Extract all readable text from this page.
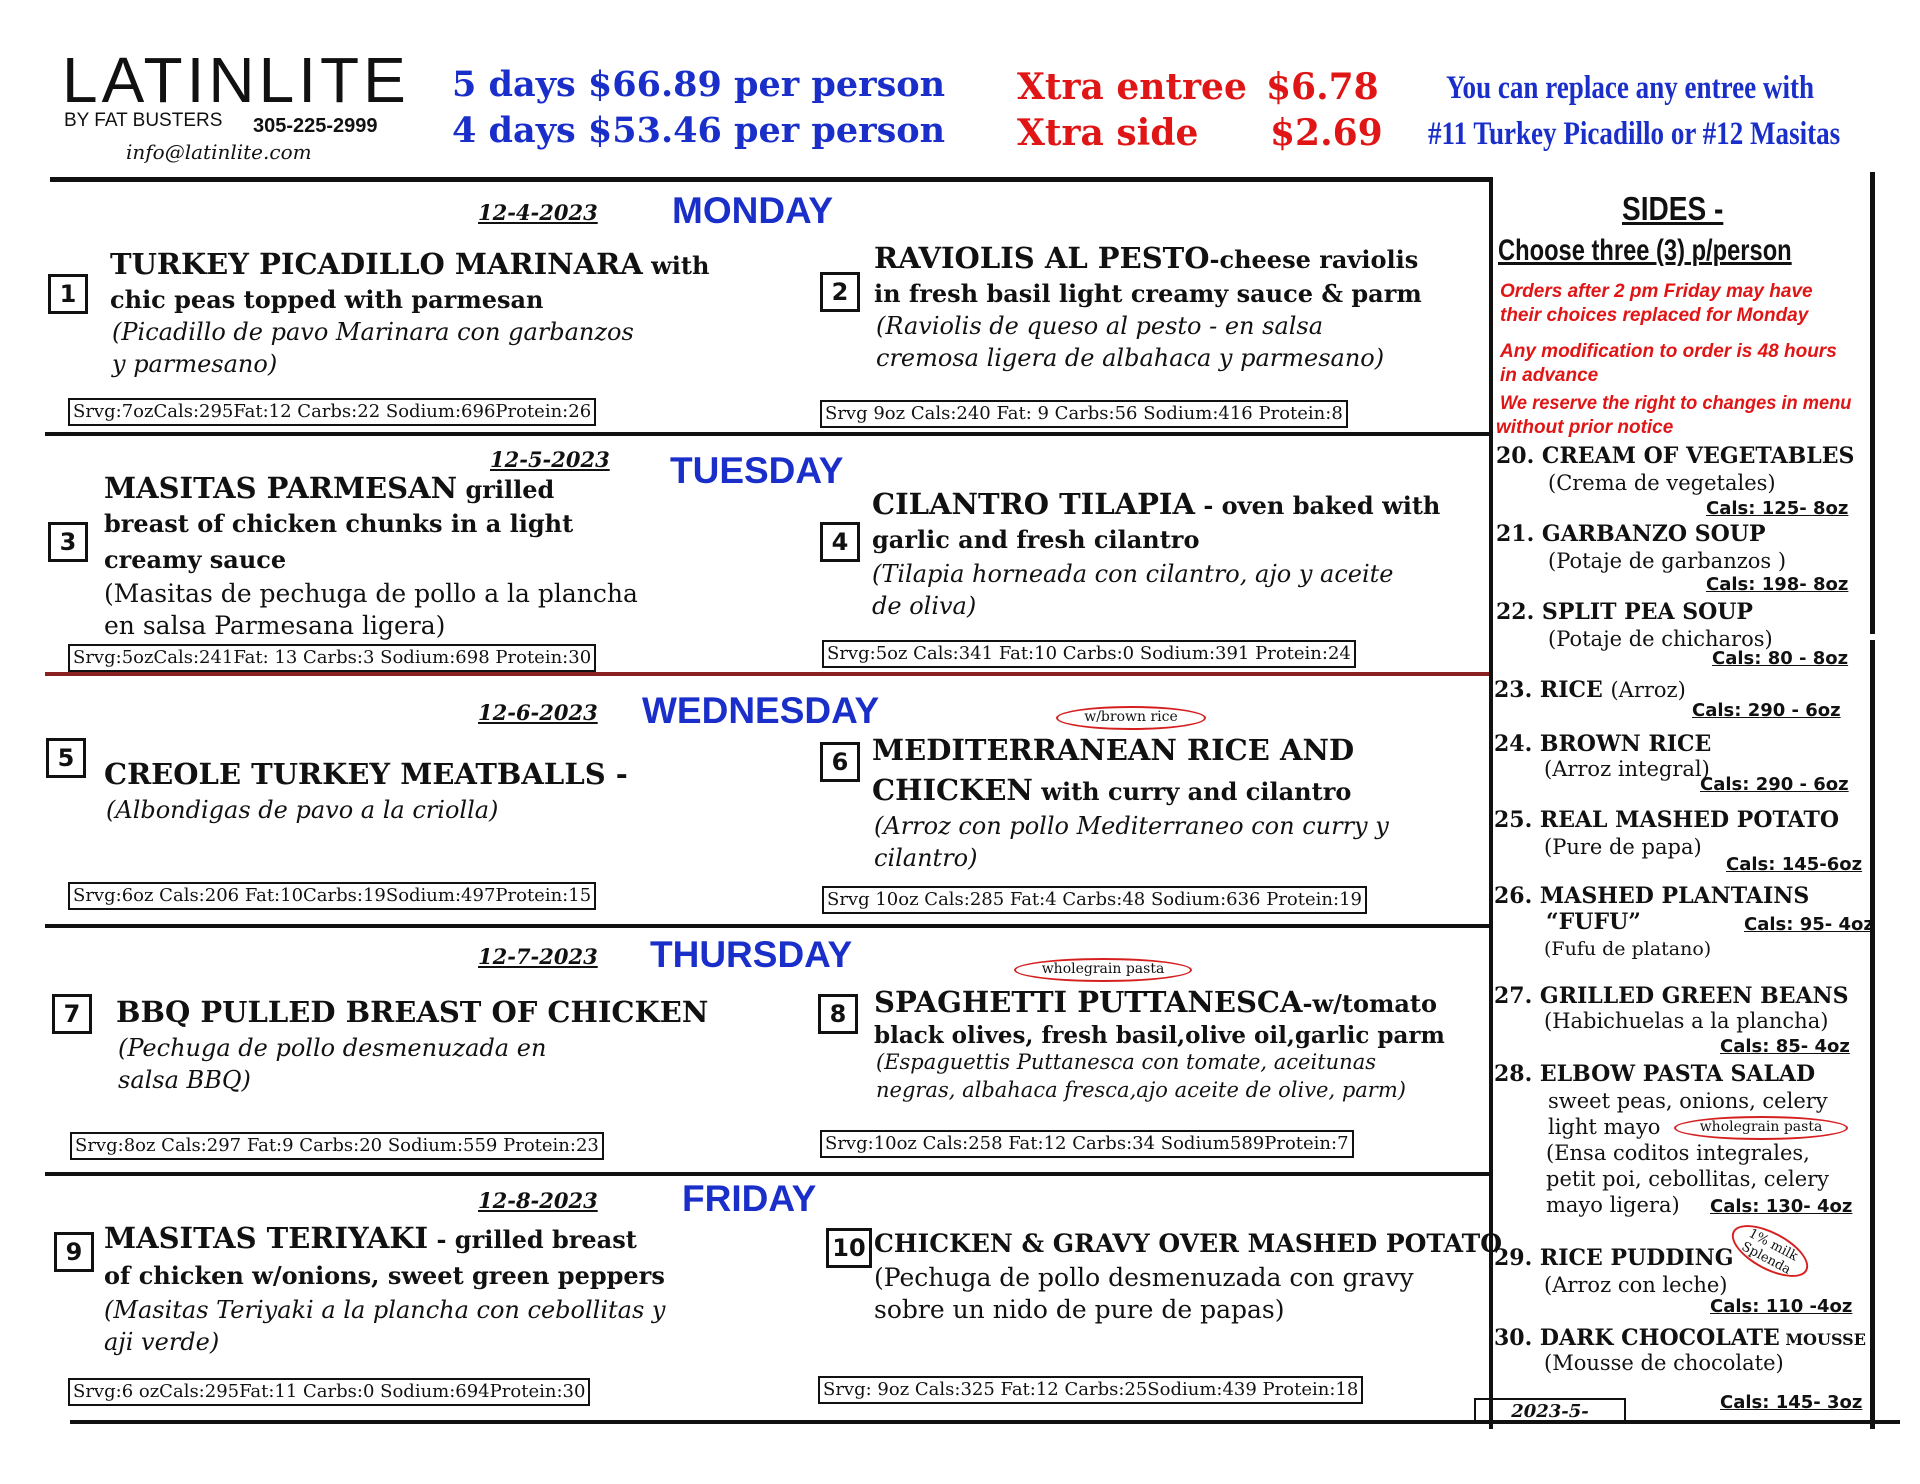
LATINLITE
BY FAT BUSTERS 305-225-2999
info@latinlite.com
5 days $66.89 per person
4 days $53.46 per person
Xtra entree $6.78
Xtra side $2.69
You can replace any entree with
#11 Turkey Picadillo or #12 Masitas
12-4-2023 MONDAY
1
TURKEY PICADILLO MARINARA with
chic peas topped with parmesan
(Picadillo de pavo Marinara con garbanzos
y parmesano)
Srvg:7ozCals:295Fat:12 Carbs:22 Sodium:696Protein:26
2
RAVIOLIS AL PESTO-cheese raviolis
in fresh basil light creamy sauce & parm
(Raviolis de queso al pesto - en salsa
cremosa ligera de albahaca y parmesano)
Srvg 9oz Cals:240 Fat: 9 Carbs:56 Sodium:416 Protein:8
12-5-2023 TUESDAY
3
MASITAS PARMESAN grilled
breast of chicken chunks in a light
creamy sauce
(Masitas de pechuga de pollo a la plancha
en salsa Parmesana ligera)
Srvg:5ozCals:241Fat: 13 Carbs:3 Sodium:698 Protein:30
4
CILANTRO TILAPIA - oven baked with
garlic and fresh cilantro
(Tilapia horneada con cilantro, ajo y aceite
de oliva)
Srvg:5oz Cals:341 Fat:10 Carbs:0 Sodium:391 Protein:24
12-6-2023 WEDNESDAY
5	CREOLE TURKEY MEATBALLS -
(Albondigas de pavo a la criolla)
Srvg:6oz Cals:206 Fat:10Carbs:19Sodium:497Protein:15
w/brown rice
6 MEDITERRANEAN RICE AND
CHICKEN with curry and cilantro
(Arroz con pollo Mediterraneo con curry y
cilantro)
Srvg 10oz Cals:285 Fat:4 Carbs:48 Sodium:636 Protein:19
12-7-2023 THURSDAY
7	BBQ PULLED BREAST OF CHICKEN
(Pechuga de pollo desmenuzada en
salsa BBQ)
Srvg:8oz Cals:297 Fat:9 Carbs:20 Sodium:559 Protein:23
wholegrain pasta
8 SPAGHETTI PUTTANESCA-w/tomato
black olives, fresh basil,olive oil,garlic parm
(Espaguettis Puttanesca con tomate, aceitunas
negras, albahaca fresca,ajo aceite de olive, parm)
Srvg:10oz Cals:258 Fat:12 Carbs:34 Sodium589Protein:7
12-8-2023 FRIDAY
9 MASITAS TERIYAKI - grilled breast
of chicken w/onions, sweet green peppers
(Masitas Teriyaki a la plancha con cebollitas y
aji verde)
Srvg:6 ozCals:295Fat:11 Carbs:0 Sodium:694Protein:30
10 CHICKEN & GRAVY OVER MASHED POTATO
(Pechuga de pollo desmenuzada con gravy
sobre un nido de pure de papas)
Srvg: 9oz Cals:325 Fat:12 Carbs:25Sodium:439 Protein:18
SIDES -
Choose three (3) p/person
Orders after 2 pm Friday may have
their choices replaced for Monday
Any modification to order is 48 hours
in advance
We reserve the right to changes in menu
without prior notice
20. CREAM OF VEGETABLES
(Crema de vegetales)
Cals: 125- 8oz
21. GARBANZO SOUP
(Potaje de garbanzos )
Cals: 198- 8oz
22. SPLIT PEA SOUP
(Potaje de chicharos)
Cals: 80 - 8oz
23. RICE (Arroz)
Cals: 290 - 6oz
24. BROWN RICE
(Arroz integral)
Cals: 290 - 6oz
25. REAL MASHED POTATO
(Pure de papa)
Cals: 145-6oz
26. MASHED PLANTAINS
“FUFU”	Cals: 95- 4oz
(Fufu de platano)
27. GRILLED GREEN BEANS
(Habichuelas a la plancha)
Cals: 85- 4oz
28. ELBOW PASTA SALAD
sweet peas, onions, celery
light mayo	wholegrain pasta
(Ensa coditos integrales,
petit poi, cebollitas, celery
mayo ligera) Cals: 130- 4oz
29. RICE PUDDING 1% milk Splenda
(Arroz con leche)
Cals: 110 -4oz
30. DARK CHOCOLATE MOUSSE
(Mousse de chocolate)
Cals: 145- 3oz
2023-5-
